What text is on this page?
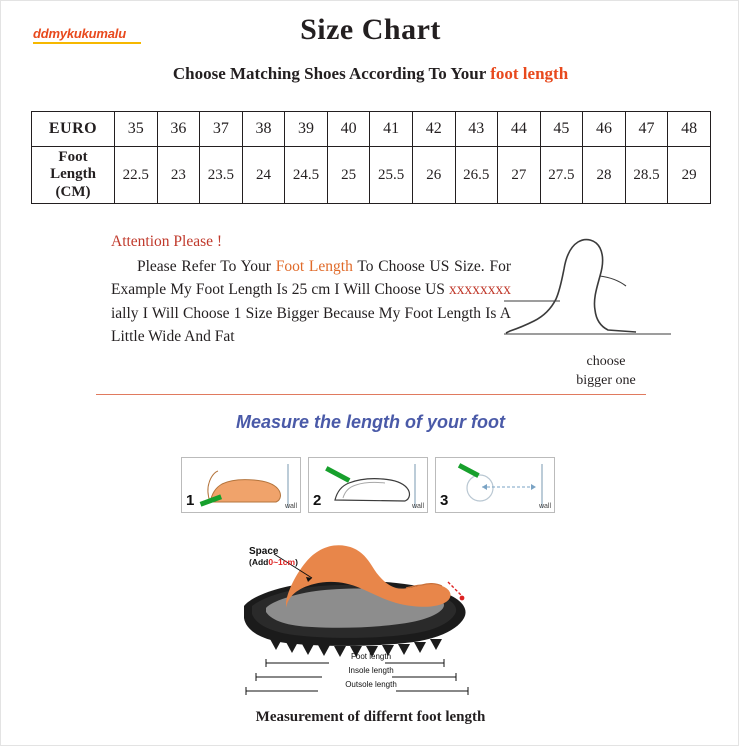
ddmykukumalu	Size Chart
Choose Matching Shoes According To Your foot length
EURO	35	36	37	38	39	40	41	42	43	44	45	46	47	48

Foot
Length
(CM)	22.5	23	23.5	24	24.5	25	25.5	26	26.5	27	27.5	28	28.5	29
Attention Please !
Please Refer To Your Foot Length To Choose US Size. For Example My Foot Length Is 25 cm I Will Choose US xxxxxxxx ially I Will Choose 1 Size Bigger Because My Foot Length Is A Little Wide And Fat
choose
bigger one
Measure the length of your foot
1	wall 2	wall 3	wall
Space
(Add0~1cm)
Foot length
Insole length
Outsole length
Measurement of differnt foot length
